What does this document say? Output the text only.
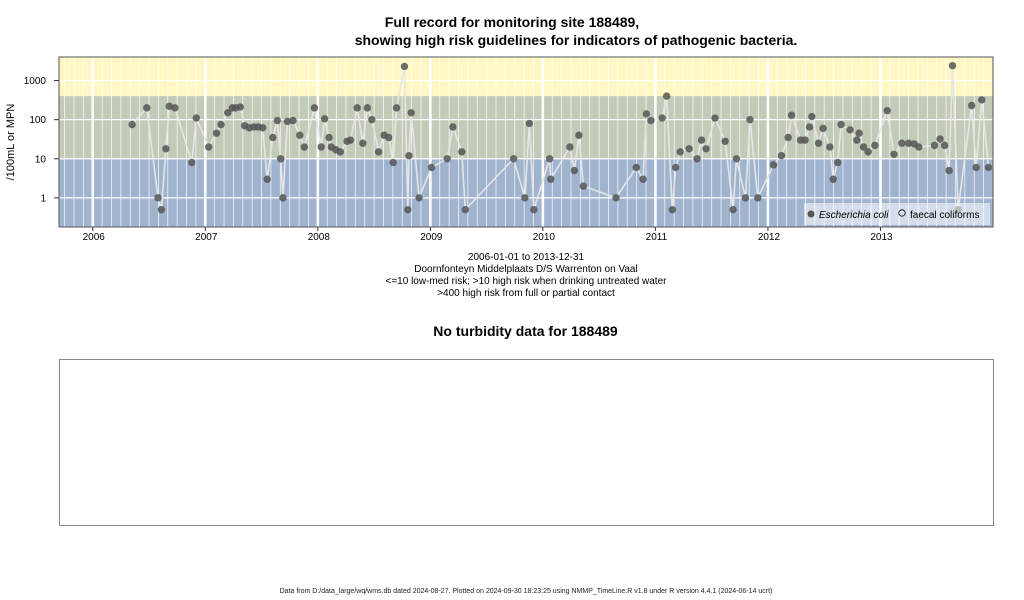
Full record for monitoring site 188489,
showing high risk guidelines for indicators of pathogenic bacteria.
1000
100
10
1
2006	2007	2008	2009	2010	2011	2012	2013
/100mL or MPN
Escherichia coli faecal coliforms
2006-01-01 to 2013-12-31
Doornfonteyn Middelplaats D/S Warrenton on Vaal
<=10 low-med risk; >10 high risk when drinking untreated water
>400 high risk from full or partial contact
No turbidity data for 188489
Data from D:/data_large/wq/wms.db dated 2024-08-27. Plotted on 2024-09-30 18:23:25 using NMMP_TimeLine.R v1.8 under R version 4.4.1 (2024-06-14 ucrt)
